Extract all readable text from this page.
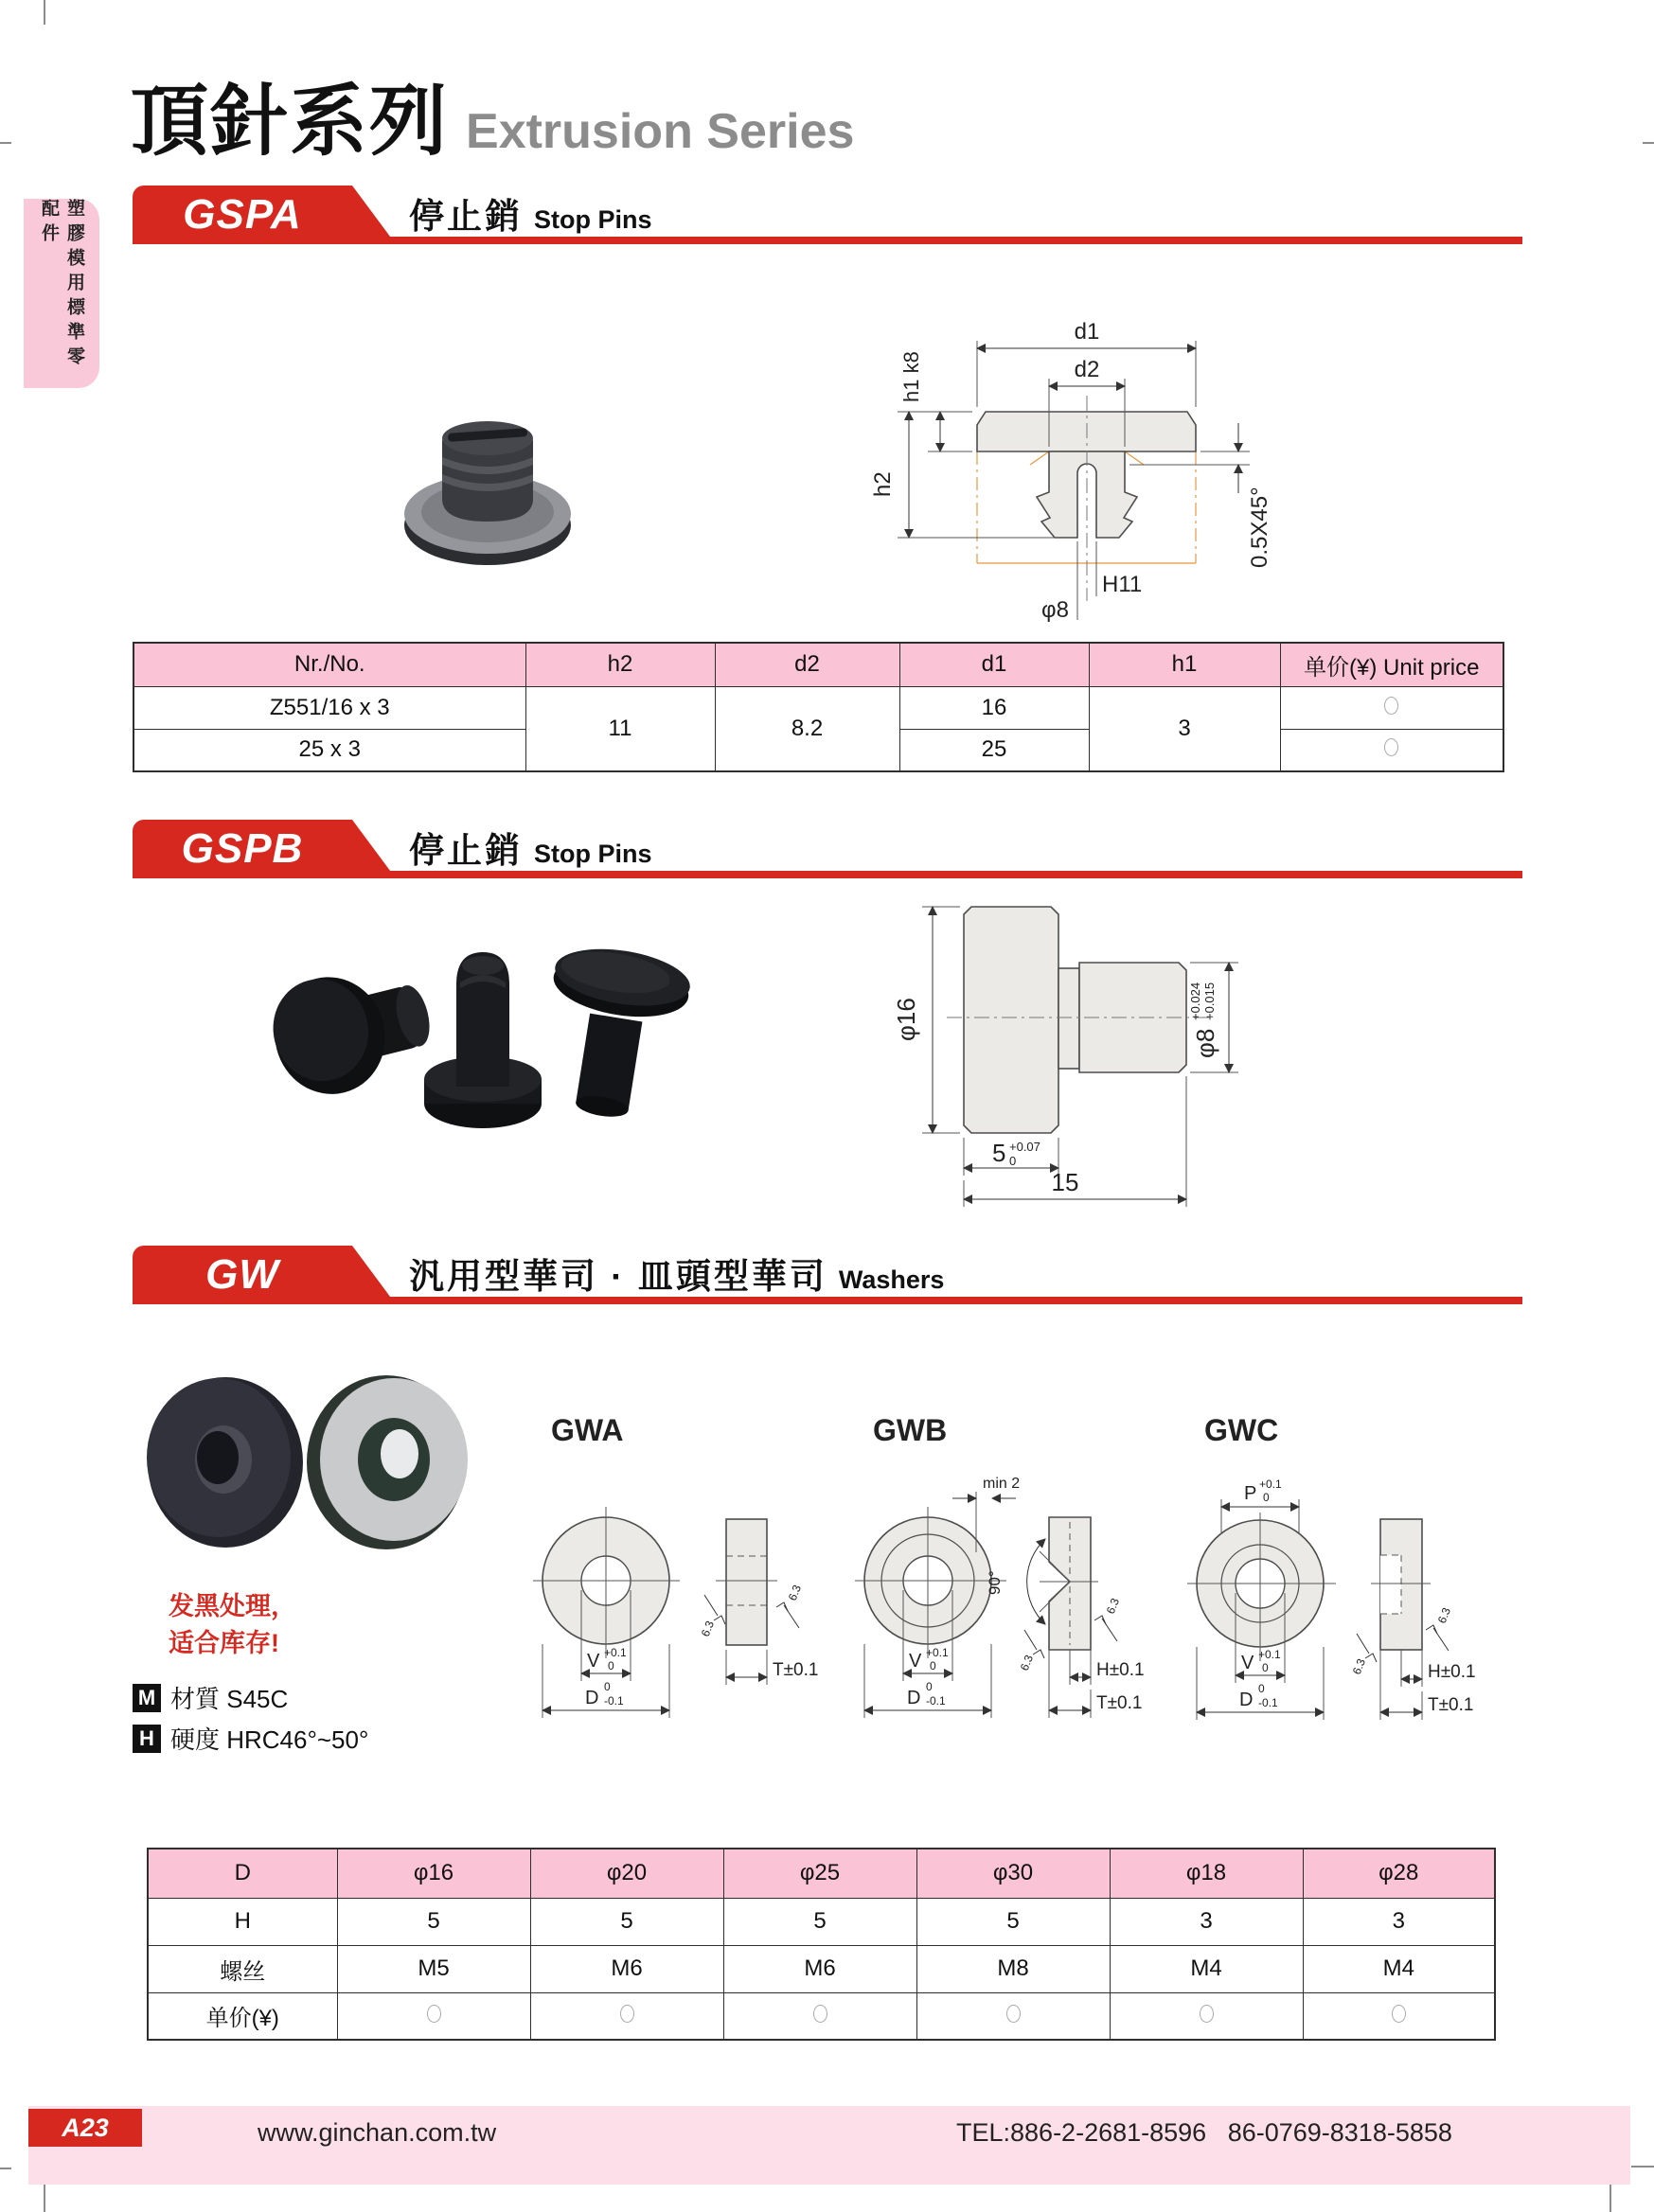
塑膠模用標準零配件
頂針系列 Extrusion Series
GSPA	停止銷 Stop Pins
d1
d2
h1 k8
h2
0.5X45°
H11
φ8
Nr./No.	h2	d2	d1	h1	单价(¥) Unit price
Z551/16 x 3	11	8.2	16	3	
25 x 3			25		
GSPB	停止銷 Stop Pins
φ16
φ8
+0.024 +0.015
5 +0.07
0
15
GW	汎用型華司 · 皿頭型華司 Washers
发黑处理，
适合库存!
M 材質 S45C
H 硬度 HRC46°~50°
GWA
V +0.1
0
D
0
-0.1
6.3
6.3
T±0.1
GWB
min 2
V +0.1
0
D
0
-0.1
90°
6.3
6.3
H±0.1
T±0.1
GWC
P +0.1
0
V +0.1
0
D
0
-0.1
6.3
6.3
H±0.1
T±0.1
D	φ16	φ20	φ25	φ30	φ18	φ28
H	5	5	5	5	3	3
螺丝	M5	M6	M6	M8	M4	M4
单价(¥)						
A23	www.ginchan.com.tw	TEL:886-2-2681-8596   86-0769-8318-5858
